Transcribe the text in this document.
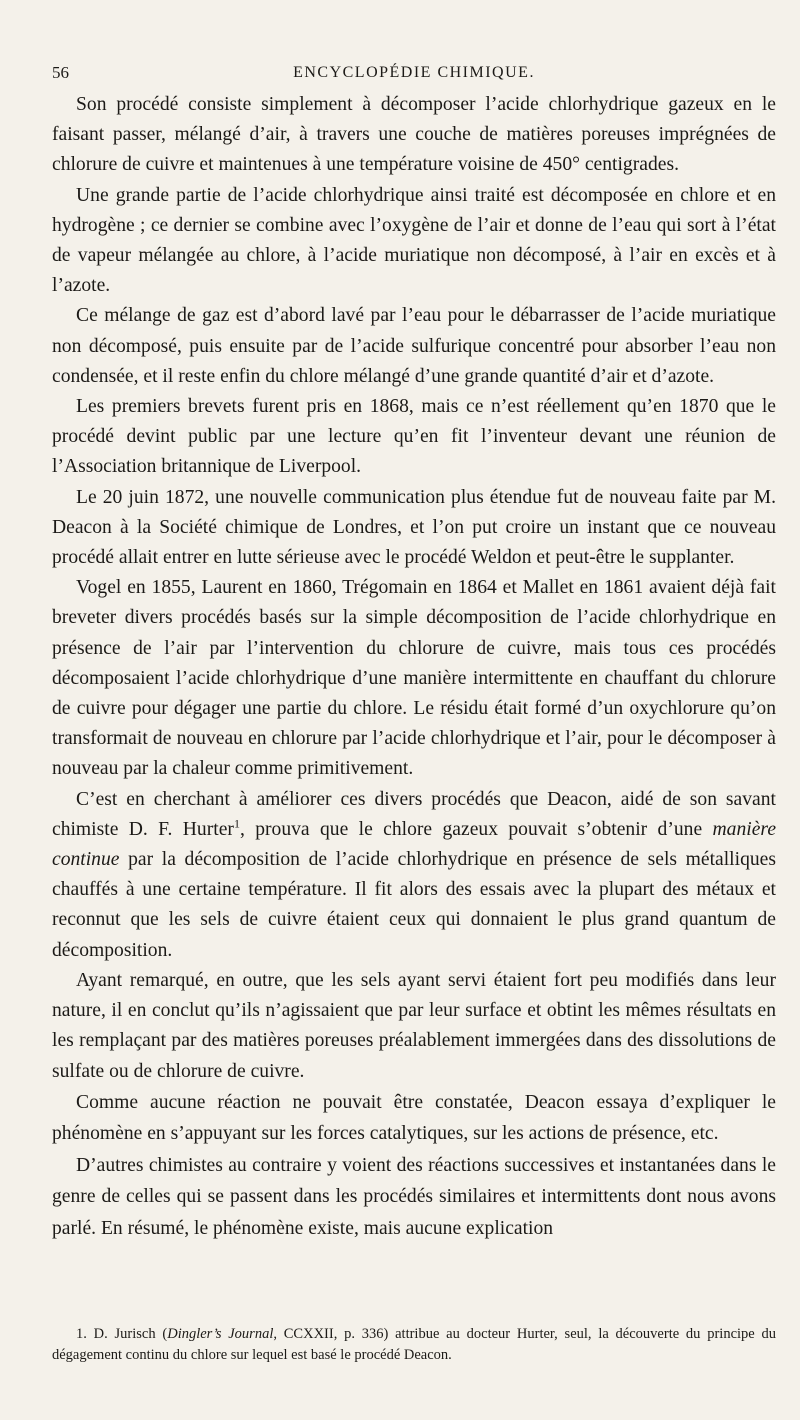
56	ENCYCLOPÉDIE CHIMIQUE.

Son procédé consiste simplement à décomposer l’acide chlorhydrique gazeux en le faisant passer, mélangé d’air, à travers une couche de matières poreuses imprégnées de chlorure de cuivre et maintenues à une température voisine de 450° centigrades.

Une grande partie de l’acide chlorhydrique ainsi traité est décomposée en chlore et en hydrogène ; ce dernier se combine avec l’oxygène de l’air et donne de l’eau qui sort à l’état de vapeur mélangée au chlore, à l’acide muriatique non décomposé, à l’air en excès et à l’azote.

Ce mélange de gaz est d’abord lavé par l’eau pour le débarrasser de l’acide muriatique non décomposé, puis ensuite par de l’acide sulfurique concentré pour absorber l’eau non condensée, et il reste enfin du chlore mélangé d’une grande quantité d’air et d’azote.

Les premiers brevets furent pris en 1868, mais ce n’est réellement qu’en 1870 que le procédé devint public par une lecture qu’en fit l’inventeur devant une réunion de l’Association britannique de Liverpool.

Le 20 juin 1872, une nouvelle communication plus étendue fut de nouveau faite par M. Deacon à la Société chimique de Londres, et l’on put croire un instant que ce nouveau procédé allait entrer en lutte sérieuse avec le procédé Weldon et peut-être le supplanter.

Vogel en 1855, Laurent en 1860, Trégomain en 1864 et Mallet en 1861 avaient déjà fait breveter divers procédés basés sur la simple décomposition de l’acide chlorhydrique en présence de l’air par l’intervention du chlorure de cuivre, mais tous ces procédés décomposaient l’acide chlorhydrique d’une manière intermittente en chauffant du chlorure de cuivre pour dégager une partie du chlore. Le résidu était formé d’un oxychlorure qu’on transformait de nouveau en chlorure par l’acide chlorhydrique et l’air, pour le décomposer à nouveau par la chaleur comme primitivement.

C’est en cherchant à améliorer ces divers procédés que Deacon, aidé de son savant chimiste D. F. Hurter$^1$, prouva que le chlore gazeux pouvait s’obtenir d’une manière continue par la décomposition de l’acide chlorhydrique en présence de sels métalliques chauffés à une certaine température. Il fit alors des essais avec la plupart des métaux et reconnut que les sels de cuivre étaient ceux qui donnaient le plus grand quantum de décomposition.

Ayant remarqué, en outre, que les sels ayant servi étaient fort peu modifiés dans leur nature, il en conclut qu’ils n’agissaient que par leur surface et obtint les mêmes résultats en les remplaçant par des matières poreuses préalablement immergées dans des dissolutions de sulfate ou de chlorure de cuivre.

Comme aucune réaction ne pouvait être constatée, Deacon essaya d’expliquer le phénomène en s’appuyant sur les forces catalytiques, sur les actions de présence, etc.

D’autres chimistes au contraire y voient des réactions successives et instantanées dans le genre de celles qui se passent dans les procédés similaires et intermittents dont nous avons parlé. En résumé, le phénomène existe, mais aucune explication

1. D. Jurisch (Dingler’s Journal, CCXXII, p. 336) attribue au docteur Hurter, seul, la découverte du principe du dégagement continu du chlore sur lequel est basé le procédé Deacon.
